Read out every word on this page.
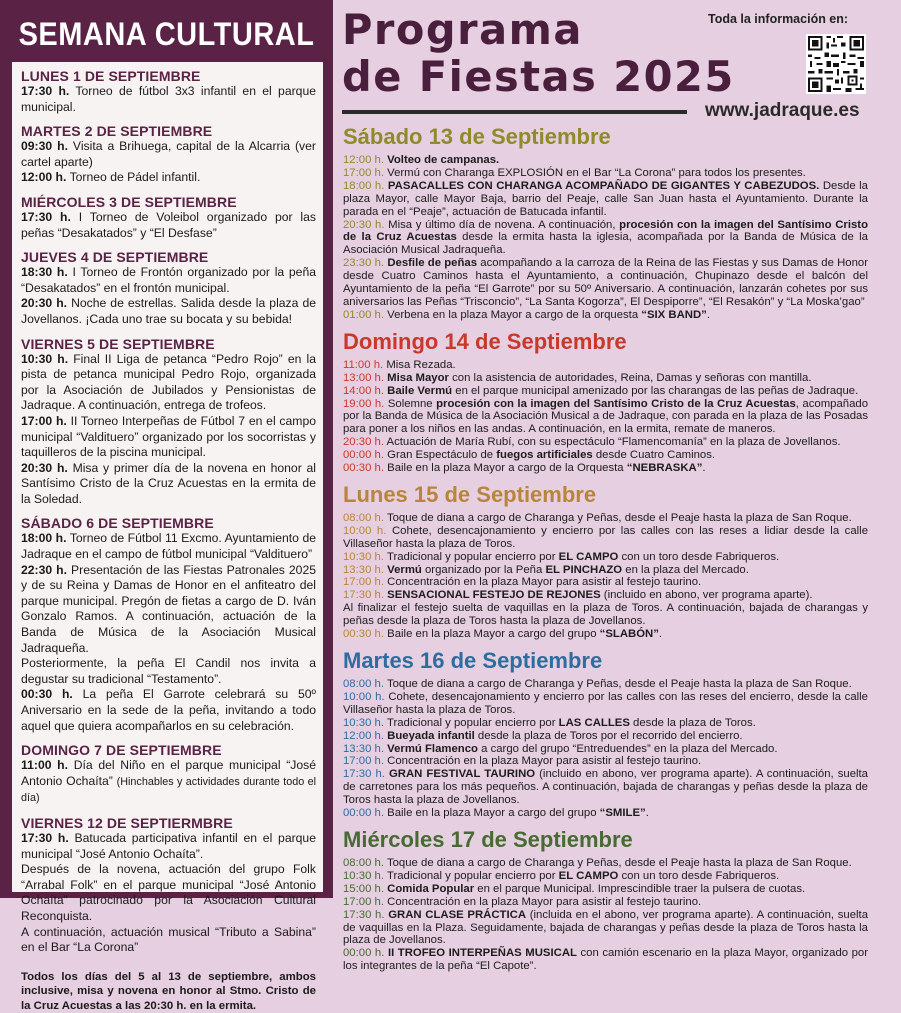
SEMANA CULTURAL
LUNES 1 DE SEPTIEMBRE
17:30 h. Torneo de fútbol 3x3 infantil en el parque municipal.
MARTES 2 DE SEPTIEMBRE
09:30 h. Visita a Brihuega, capital de la Alcarria (ver cartel aparte)
12:00 h. Torneo de Pádel infantil.
MIÉRCOLES 3 DE SEPTIEMBRE
17:30 h. I Torneo de Voleibol organizado por las peñas “Desakatados” y “El Desfase”
JUEVES 4 DE SEPTIEMBRE
18:30 h. I Torneo de Frontón organizado por la peña “Desakatados” en el frontón municipal.
20:30 h. Noche de estrellas. Salida desde la plaza de Jovellanos. ¡Cada uno trae su bocata y su bebida!
VIERNES 5 DE SEPTIEMBRE
10:30 h. Final II Liga de petanca “Pedro Rojo” en la pista de petanca municipal Pedro Rojo, organizada por la Asociación de Jubilados y Pensionistas de Jadraque. A continuación, entrega de trofeos.
17:00 h. II Torneo Interpeñas de Fútbol 7 en el campo municipal “Valdituero” organizado por los socorristas y taquilleros de la piscina municipal.
20:30 h. Misa y primer día de la novena en honor al Santísimo Cristo de la Cruz Acuestas en la ermita de la Soledad.
SÁBADO 6 DE SEPTIEMBRE
18:00 h. Torneo de Fútbol 11 Excmo. Ayuntamiento de Jadraque en el campo de fútbol municipal “Valdituero”
22:30 h. Presentación de las Fiestas Patronales 2025 y de su Reina y Damas de Honor en el anfiteatro del parque municipal. Pregón de fietas a cargo de D. Iván Gonzalo Ramos. A continuación, actuación de la Banda de Música de la Asociación Musical Jadraqueña.
Posteriormente, la peña El Candil nos invita a degustar su tradicional “Testamento”.
00:30 h. La peña El Garrote celebrará su 50º Aniversario en la sede de la peña, invitando a todo aquel que quiera acompañarlos en su celebración.
DOMINGO 7 DE SEPTIEMBRE
11:00 h. Día del Niño en el parque municipal “José Antonio Ochaíta” (Hinchables y actividades durante todo el día)
VIERNES 12 DE SEPTIERMBRE
17:30 h. Batucada participativa infantil en el parque municipal “José Antonio Ochaíta”.
Después de la novena, actuación del grupo Folk “Arrabal Folk” en el parque municipal “José Antonio Ochaíta” patrocinado por la Asociación Cultural Reconquista.
A continuación, actuación musical “Tributo a Sabina” en el Bar “La Corona”
Todos los días del 5 al 13 de septiembre, ambos inclusive, misa y novena en honor al Stmo. Cristo de la Cruz Acuestas a las 20:30 h. en la ermita.
Programa
de Fiestas 2025
Toda la información en:
www.jadraque.es
Sábado 13 de Septiembre
12:00 h. Volteo de campanas.
17:00 h. Vermú con Charanga EXPLOSIÓN en el Bar “La Corona” para todos los presentes.
18:00 h. PASACALLES CON CHARANGA ACOMPAÑADO DE GIGANTES Y CABEZUDOS. Desde la plaza Mayor, calle Mayor Baja, barrio del Peaje, calle San Juan hasta el Ayuntamiento. Durante la parada en el “Peaje”, actuación de Batucada infantil.
20:30 h. Misa y último día de novena. A continuación, procesión con la imagen del Santísimo Cristo de la Cruz Acuestas desde la ermita hasta la iglesia, acompañada por la Banda de Música de la Asociación Musical Jadraqueña.
23:30 h. Desfile de peñas acompañando a la carroza de la Reina de las Fiestas y sus Damas de Honor desde Cuatro Caminos hasta el Ayuntamiento, a continuación, Chupinazo desde el balcón del Ayuntamiento de la peña “El Garrote” por su 50º Aniversario. A continuación, lanzarán cohetes por sus aniversarios las Peñas “Trisconcio”, “La Santa Kogorza”, El Despiporre”, “El Resakón” y “La Moska’gao”
01:00 h. Verbena en la plaza Mayor a cargo de la orquesta “SIX BAND”.
Domingo 14 de Septiembre
11:00 h. Misa Rezada.
13:00 h. Misa Mayor con la asistencia de autoridades, Reina, Damas y señoras con mantilla.
14:00 h. Baile Vermú en el parque municipal amenizado por las charangas de las peñas de Jadraque.
19:00 h. Solemne procesión con la imagen del Santísimo Cristo de la Cruz Acuestas, acompañado por la Banda de Música de la Asociación Musical a de Jadraque, con parada en la plaza de las Posadas para poner a los niños en las andas. A continuación, en la ermita, remate de maneros.
20:30 h. Actuación de María Rubí, con su espectáculo “Flamencomanía” en la plaza de Jovellanos.
00:00 h. Gran Espectáculo de fuegos artificiales desde Cuatro Caminos.
00:30 h. Baile en la plaza Mayor a cargo de la Orquesta “NEBRASKA”.
Lunes 15 de Septiembre
08:00 h. Toque de diana a cargo de Charanga y Peñas, desde el Peaje hasta la plaza de San Roque.
10:00 h. Cohete, desencajonamiento y encierro por las calles con las reses a lidiar desde la calle Villaseñor hasta la plaza de Toros.
10:30 h. Tradicional y popular encierro por EL CAMPO con un toro desde Fabriqueros.
13:30 h. Vermú organizado por la Peña EL PINCHAZO en la plaza del Mercado.
17:00 h. Concentración en la plaza Mayor para asistir al festejo taurino.
17:30 h. SENSACIONAL FESTEJO DE REJONES (incluido en abono, ver programa aparte).
Al finalizar el festejo suelta de vaquillas en la plaza de Toros. A continuación, bajada de charangas y peñas desde la plaza de Toros hasta la plaza de Jovellanos.
00:30 h. Baile en la plaza Mayor a cargo del grupo “SLABÓN”.
Martes 16 de Septiembre
08:00 h. Toque de diana a cargo de Charanga y Peñas, desde el Peaje hasta la plaza de San Roque.
10:00 h. Cohete, desencajonamiento y encierro por las calles con las reses del encierro, desde la calle Villaseñor hasta la plaza de Toros.
10:30 h. Tradicional y popular encierro por LAS CALLES desde la plaza de Toros.
12:00 h. Bueyada infantil desde la plaza de Toros por el recorrido del encierro.
13:30 h. Vermú Flamenco a cargo del grupo “Entreduendes” en la plaza del Mercado.
17:00 h. Concentración en la plaza Mayor para asistir al festejo taurino.
17:30 h. GRAN FESTIVAL TAURINO (incluido en abono, ver programa aparte). A continuación, suelta de carretones para los más pequeños. A continuación, bajada de charangas y peñas desde la plaza de Toros hasta la plaza de Jovellanos.
00:00 h. Baile en la plaza Mayor a cargo del grupo “SMILE”.
Miércoles 17 de Septiembre
08:00 h. Toque de diana a cargo de Charanga y Peñas, desde el Peaje hasta la plaza de San Roque.
10:30 h. Tradicional y popular encierro por EL CAMPO con un toro desde Fabriqueros.
15:00 h. Comida Popular en el parque Municipal. Imprescindible traer la pulsera de cuotas.
17:00 h. Concentración en la plaza Mayor para asistir al festejo taurino.
17:30 h. GRAN CLASE PRÁCTICA (incluida en el abono, ver programa aparte). A continuación, suelta de vaquillas en la Plaza. Seguidamente, bajada de charangas y peñas desde la plaza de Toros hasta la plaza de Jovellanos.
00:00 h. II TROFEO INTERPEÑAS MUSICAL con camión escenario en la plaza Mayor, organizado por los integrantes de la peña “El Capote”.
